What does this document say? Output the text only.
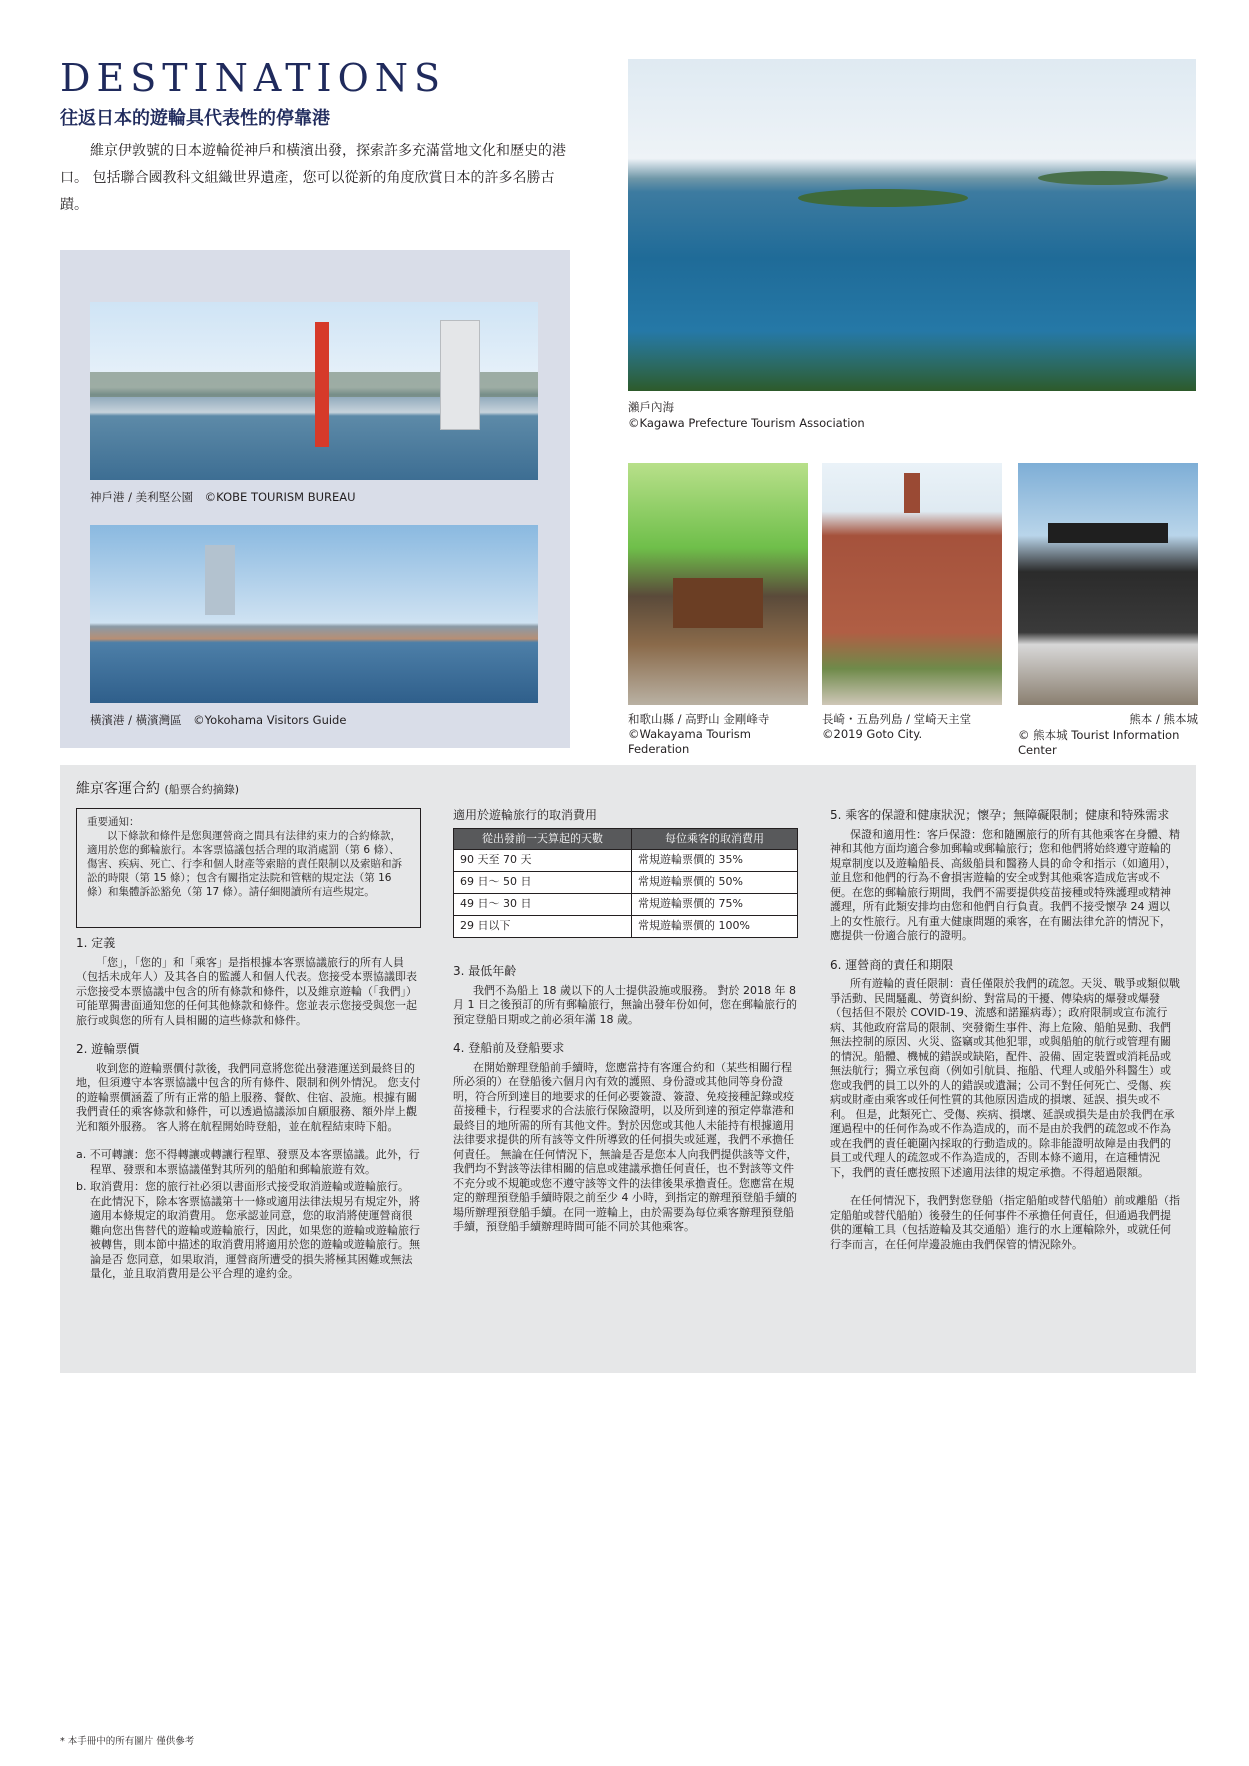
DESTINATIONS
往返日本的遊輪具代表性的停靠港
維京伊敦號的日本遊輪從神戶和橫濱出發，探索許多充滿當地文化和歷史的港口。 包括聯合國教科文組織世界遺產，您可以從新的角度欣賞日本的許多名勝古蹟。
神戶港 / 美利堅公園　©KOBE TOURISM BUREAU
橫濱港 / 橫濱灣區　©Yokohama Visitors Guide
瀨戶內海
©Kagawa Prefecture Tourism Association
和歌山縣 / 高野山 金剛峰寺
©Wakayama Tourism Federation
長崎・五島列島 / 堂崎天主堂
©2019 Goto City.
熊本 / 熊本城
© 熊本城 Tourist Information Center
維京客運合約 (船票合約摘錄)
重要通知：

以下條款和條件是您與運營商之間具有法律約束力的合約條款，適用於您的郵輪旅行。本客票協議包括合理的取消處罰（第 6 條）、傷害、疾病、死亡、行李和個人財產等索賠的責任限制以及索賠和訴訟的時限（第 15 條）；包含有關指定法院和管轄的規定法（第 16 條）和集體訴訟豁免（第 17 條）。請仔細閱讀所有這些規定。

1. 定義

「您」，「您的」和「乘客」是指根據本客票協議旅行的所有人員（包括未成年人）及其各自的監護人和個人代表。您接受本票協議即表示您接受本票協議中包含的所有條款和條件，以及維京遊輪（「我們」）可能單獨書面通知您的任何其他條款和條件。您並表示您接受與您一起旅行或與您的所有人員相關的這些條款和條件。

2. 遊輪票價

收到您的遊輪票價付款後，我們同意將您從出發港運送到最終目的地，但須遵守本客票協議中包含的所有條件、限制和例外情況。 您支付的遊輪票價涵蓋了所有正常的船上服務、餐飲、住宿、設施。根據有關我們責任的乘客條款和條件，可以透過協議添加自願服務、額外岸上觀光和額外服務。 客人將在航程開始時登船，並在航程結束時下船。

a. 不可轉讓：您不得轉讓或轉讓行程單、發票及本客票協議。此外，行程單、發票和本票協議僅對其所列的船舶和郵輪旅遊有效。
b. 取消費用：您的旅行社必須以書面形式接受取消遊輪或遊輪旅行。 在此情況下，除本客票協議第十一條或適用法律法規另有規定外，將適用本條規定的取消費用。 您承認並同意，您的取消將使運營商很難向您出售替代的遊輪或遊輪旅行，因此，如果您的遊輪或遊輪旅行被轉售，則本節中描述的取消費用將適用於您的遊輪或遊輪旅行。無論是否 您同意，如果取消，運營商所遭受的損失將極其困難或無法量化，並且取消費用是公平合理的違約金。
適用於遊輪旅行的取消費用
從出發前一天算起的天數	每位乘客的取消費用
90 天至 70 天	常規遊輪票價的 35%
69 日～ 50 日	常規遊輪票價的 50%
49 日～ 30 日	常規遊輪票價的 75%
29 日以下	常規遊輪票價的 100%
3. 最低年齡

我們不為船上 18 歲以下的人士提供設施或服務。 對於 2018 年 8 月 1 日之後預訂的所有郵輪旅行，無論出發年份如何，您在郵輪旅行的預定登船日期或之前必須年滿 18 歲。

4. 登船前及登船要求

在開始辦理登船前手續時，您應當持有客運合約和（某些相關行程所必須的）在登船後六個月內有效的護照、身份證或其他同等身份證明，符合所到達目的地要求的任何必要簽證、簽證、免疫接種記錄或疫苗接種卡，行程要求的合法旅行保險證明，以及所到達的預定停靠港和最終目的地所需的所有其他文件。對於因您或其他人未能持有根據適用法律要求提供的所有該等文件所導致的任何損失或延遲，我們不承擔任何責任。 無論在任何情況下，無論是否是您本人向我們提供該等文件，我們均不對該等法律相關的信息或建議承擔任何責任，也不對該等文件不充分或不規範或您不遵守該等文件的法律後果承擔責任。您應當在規定的辦理預登船手續時限之前至少 4 小時，到指定的辦理預登船手續的場所辦理預登船手續。在同一遊輪上，由於需要為每位乘客辦理預登船手續，預登船手續辦理時間可能不同於其他乘客。

5. 乘客的保證和健康狀況；懷孕；無障礙限制；健康和特殊需求

保證和適用性：客戶保證：您和隨團旅行的所有其他乘客在身體、精神和其他方面均適合參加郵輪或郵輪旅行；您和他們將始終遵守遊輪的規章制度以及遊輪船長、高級船員和醫務人員的命令和指示（如適用），並且您和他們的行為不會損害遊輪的安全或對其他乘客造成危害或不便。在您的郵輪旅行期間，我們不需要提供疫苗接種或特殊護理或精神護理，所有此類安排均由您和他們自行負責。我們不接受懷孕 24 週以上的女性旅行。凡有重大健康問題的乘客，在有關法律允許的情況下，應提供一份適合旅行的證明。

6. 運營商的責任和期限

所有遊輪的責任限制：責任僅限於我們的疏忽。天災、戰爭或類似戰爭活動、民間騷亂、勞資糾紛、對當局的干擾、傳染病的爆發或爆發（包括但不限於 COVID-19、流感和諾羅病毒）；政府限制或宣布流行病、其他政府當局的限制、突發衛生事件、海上危險、船舶晃動、我們無法控制的原因、火災、盜竊或其他犯罪，或與船舶的航行或管理有關的情況。船體、機械的錯誤或缺陷，配件、設備、固定裝置或消耗品或無法航行；獨立承包商（例如引航員、拖船、代理人或船外科醫生）或您或我們的員工以外的人的錯誤或遺漏；公司不對任何死亡、受傷、疾病或財產由乘客或任何性質的其他原因造成的損壞、延誤、損失或不利。 但是，此類死亡、受傷、疾病、損壞、延誤或損失是由於我們在承運過程中的任何作為或不作為造成的，而不是由於我們的疏忽或不作為或在我們的責任範圍內採取的行動造成的。除非能證明故障是由我們的員工或代理人的疏忽或不作為造成的，否則本條不適用，在這種情況下，我們的責任應按照下述適用法律的規定承擔。不得超過限額。

在任何情況下，我們對您登船（指定船舶或替代船舶）前或離船（指定船舶或替代船舶）後發生的任何事件不承擔任何責任，但通過我們提供的運輸工具（包括遊輪及其交通船）進行的水上運輸除外，或就任何行李而言，在任何岸邊設施由我們保管的情況除外。

* 本手冊中的所有圖片 僅供參考
